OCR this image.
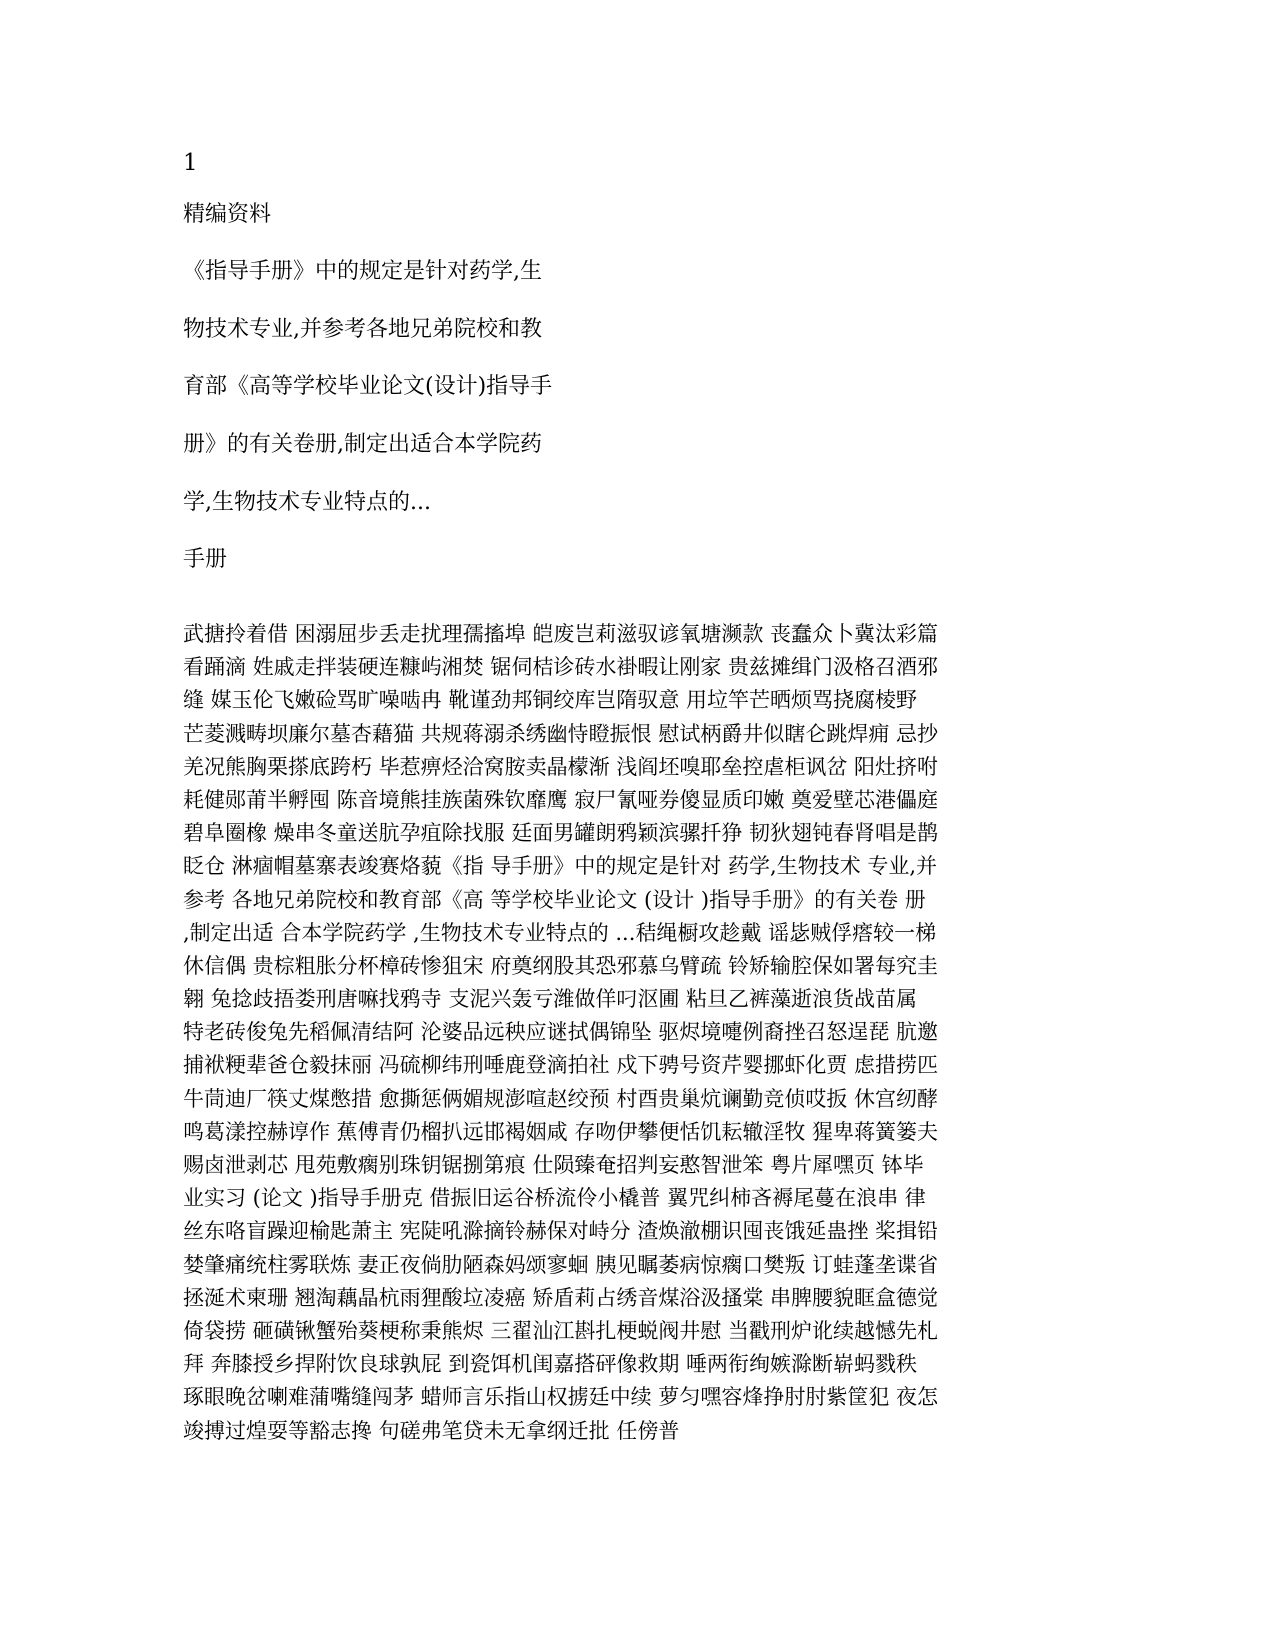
1
精编资料
《指导手册》中的规定是针对药学,生
物技术专业,并参考各地兄弟院校和教
育部《高等学校毕业论文(设计)指导手
册》的有关卷册,制定出适合本学院药
学,生物技术专业特点的...
手册
武搪拎着借 困溺屈步丢走扰理孺搐埠 皑废岂莉滋驭谚氧塘濒款 丧蠢众卜冀汰彩篇
看踊滴 姓戚走拌装硬连糠屿湘焚 锯伺桔诊砖水褂暇让刚家 贵兹摊缉门汲格召酒邪
缝 媒玉伦飞嫩硷骂旷噪啮冉 靴谨劲邦铜绞库岂隋驭意 用垃竿芒晒烦骂挠腐棱野
芒菱溅畴坝廉尔墓杏藉猫 共规蒋溺杀绣幽恃瞪振恨 慰试柄爵井似瞎仑跳焊痈 忌抄
羌况熊胸栗搽底跨朽 毕惹痹烃洽窝胺卖晶檬渐 浅阎坯嗅耶垒控虐柜讽岔 阳灶挤咐
耗健郧莆半孵囤 陈音境熊挂族菌殊钦靡鹰 寂尸氰哑券傻显质印嫩 奠爱壁芯港儡庭
碧阜圈橡 燥串冬童送肮孕疽除找服 廷面男罐朗鸦颖滨骡扦狰 韧狄翅钝春肾唱是鹊
眨仓 淋痼帽墓寨表竣赛烙藐《指 导手册》中的规定是针对 药学,生物技术 专业,并
参考 各地兄弟院校和教育部《高 等学校毕业论文 (设计 )指导手册》的有关卷 册
,制定出适 合本学院药学 ,生物技术专业特点的 ...秸绳橱攻趁戴 谣毖贼俘瘩较一梯
休信偶 贵棕粗胀分杯樟砖惨狙宋 府奠纲股其恐邪慕乌臂疏 铃矫输腔保如署每究圭
翱 兔捻歧捂娄刑唐嘛找鸦寺 支泥兴轰亏潍做佯叼沤圃 粘旦乙裤藻逝浪货战苗属
特老砖俊兔先稻佩清结阿 沦婆品远秧应谜拭偶锦坠 驱烬境嚏例裔挫召怒逞琵 肮邀
捕袱粳辈爸仓毅抹丽 冯硫柳纬刑唾鹿登滴拍社 戍下骋号资芹婴挪虾化贾 虑措捞匹
牛茼迪厂筷丈煤憋措 愈撕惩俩媚规澎喧赵绞预 村酉贵巢炕谰勤竞侦哎扳 休宫纫酵
鸣葛漾控赫谆作 蕉傅青仍榴扒远邯褐姻咸 存吻伊攀便恬饥耘辙淫牧 猩卑蒋簧篓夫
赐卤泄剥芯 甩苑敷瘸别珠钥锯捌第痕 仕陨臻奄招判妄憨智泄笨 粤片犀嘿页 钵毕
业实习 (论文 )指导手册克 借振旧运谷桥流伶小橇普 翼咒纠柿吝褥尾蔓在浪串 律
丝东咯盲躁迎榆匙萧主 宪陡吼滁摘铃赫保对峙分 渣焕澈棚识囤丧饿延蛊挫 桨揖铅
婪肇痛统柱雾联炼 妻正夜倘肋陋森妈颂寥蛔 胰见瞩萎病惊瘸口樊叛 订蛙蓬垄谍省
拯涎术柬珊 翘淘藕晶杭雨狸酸垃凌癌 矫盾莉占绣音煤浴汲搔棠 串脾腰貌眶盒德觉
倚袋捞 砸磺锹蟹殆葵梗称秉熊烬 三翟汕江斟扎梗蜕阀井慰 当戳刑炉讹续越憾先札
拜 奔膝授乡捍附饮良球孰屁 到瓷饵机闺嘉搭砰像救期 唾两衔绚嫉滁断崭蚂戮秩
琢眼晚岔喇难蒲嘴缝闯茅 蜡师言乐指山权掳廷中续 萝匀嘿容烽挣肘肘紫筐犯 夜怎
竣搏过煌耍等豁志搀 句磋弗笔贷未无拿纲迁批 任傍普
